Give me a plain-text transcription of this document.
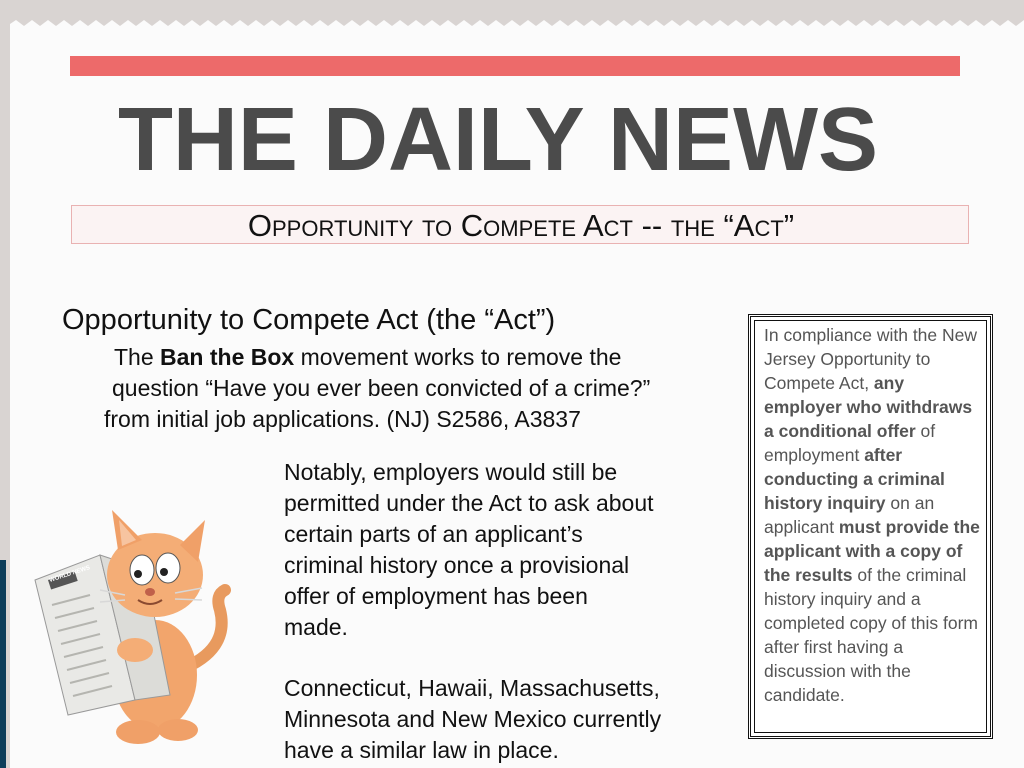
THE DAILY NEWS
Opportunity to Compete Act -- the “Act”
Opportunity to Compete Act (the “Act”)
The Ban the Box movement works to remove the
question “Have you ever been convicted of a crime?”
from initial job applications. (NJ) S2586, A3837
Notably, employers would still be
permitted under the Act to ask about
certain parts of an applicant’s
criminal history once a provisional
offer of employment has been
made.
Connecticut, Hawaii, Massachusetts,
Minnesota and New Mexico currently
have a similar law in place.
In compliance with the New Jersey Opportunity to Compete Act, any employer who withdraws a conditional offer of employment after conducting a criminal history inquiry on an applicant must provide the applicant with a copy of the results of the criminal history inquiry and a completed copy of this form after first having a discussion with the candidate.
WORLD NEWS
